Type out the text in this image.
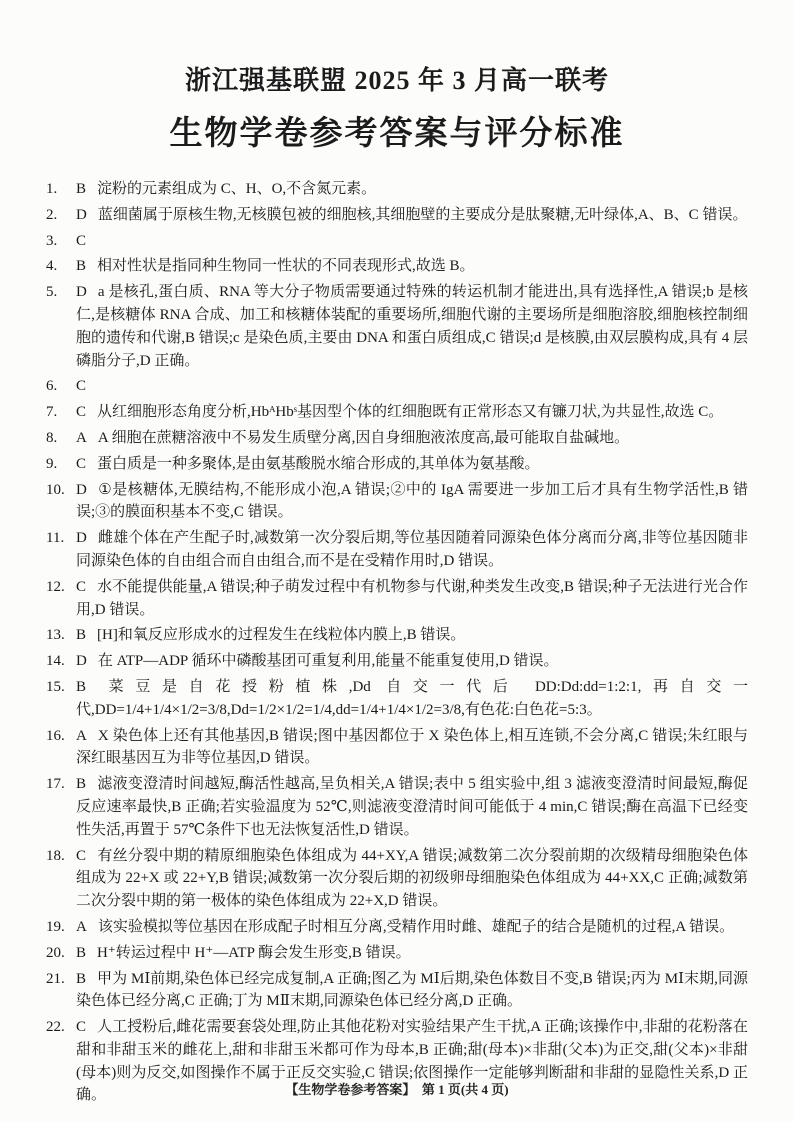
浙江强基联盟 2025 年 3 月高一联考
生物学卷参考答案与评分标准
1. B 淀粉的元素组成为 C、H、O,不含氮元素。
2. D 蓝细菌属于原核生物,无核膜包被的细胞核,其细胞壁的主要成分是肽聚糖,无叶绿体,A、B、C 错误。
3. C
4. B 相对性状是指同种生物同一性状的不同表现形式,故选 B。
5. D a 是核孔,蛋白质、RNA 等大分子物质需要通过特殊的转运机制才能进出,具有选择性,A 错误;b 是核仁,是核糖体 RNA 合成、加工和核糖体装配的重要场所,细胞代谢的主要场所是细胞溶胶,细胞核控制细胞的遗传和代谢,B 错误;c 是染色质,主要由 DNA 和蛋白质组成,C 错误;d 是核膜,由双层膜构成,具有 4 层磷脂分子,D 正确。
6. C
7. C 从红细胞形态角度分析,HbᴬHbˢ基因型个体的红细胞既有正常形态又有镰刀状,为共显性,故选 C。
8. A A 细胞在蔗糖溶液中不易发生质壁分离,因自身细胞液浓度高,最可能取自盐碱地。
9. C 蛋白质是一种多聚体,是由氨基酸脱水缩合形成的,其单体为氨基酸。
10. D ①是核糖体,无膜结构,不能形成小泡,A 错误;②中的 IgA 需要进一步加工后才具有生物学活性,B 错误;③的膜面积基本不变,C 错误。
11. D 雌雄个体在产生配子时,减数第一次分裂后期,等位基因随着同源染色体分离而分离,非等位基因随非同源染色体的自由组合而自由组合,而不是在受精作用时,D 错误。
12. C 水不能提供能量,A 错误;种子萌发过程中有机物参与代谢,种类发生改变,B 错误;种子无法进行光合作用,D 错误。
13. B [H]和氧反应形成水的过程发生在线粒体内膜上,B 错误。
14. D 在 ATP—ADP 循环中磷酸基团可重复利用,能量不能重复使用,D 错误。
15. B 菜豆是自花授粉植株,Dd 自交一代后 DD:Dd:dd=1:2:1,再自交一代,DD=1/4+1/4×1/2=3/8,Dd=1/2×1/2=1/4,dd=1/4+1/4×1/2=3/8,有色花:白色花=5:3。
16. A X 染色体上还有其他基因,B 错误;图中基因都位于 X 染色体上,相互连锁,不会分离,C 错误;朱红眼与深红眼基因互为非等位基因,D 错误。
17. B 滤液变澄清时间越短,酶活性越高,呈负相关,A 错误;表中 5 组实验中,组 3 滤液变澄清时间最短,酶促反应速率最快,B 正确;若实验温度为 52℃,则滤液变澄清时间可能低于 4 min,C 错误;酶在高温下已经变性失活,再置于 57℃条件下也无法恢复活性,D 错误。
18. C 有丝分裂中期的精原细胞染色体组成为 44+XY,A 错误;减数第二次分裂前期的次级精母细胞染色体组成为 22+X 或 22+Y,B 错误;减数第一次分裂后期的初级卵母细胞染色体组成为 44+XX,C 正确;减数第二次分裂中期的第一极体的染色体组成为 22+X,D 错误。
19. A 该实验模拟等位基因在形成配子时相互分离,受精作用时雌、雄配子的结合是随机的过程,A 错误。
20. B H⁺转运过程中 H⁺—ATP 酶会发生形变,B 错误。
21. B 甲为 MⅠ前期,染色体已经完成复制,A 正确;图乙为 MⅠ后期,染色体数目不变,B 错误;丙为 MⅠ末期,同源染色体已经分离,C 正确;丁为 MⅡ末期,同源染色体已经分离,D 正确。
22. C 人工授粉后,雌花需要套袋处理,防止其他花粉对实验结果产生干扰,A 正确;该操作中,非甜的花粉落在甜和非甜玉米的雌花上,甜和非甜玉米都可作为母本,B 正确;甜(母本)×非甜(父本)为正交,甜(父本)×非甜(母本)则为反交,如图操作不属于正反交实验,C 错误;依图操作一定能够判断甜和非甜的显隐性关系,D 正确。	【生物学卷参考答案】　第 1 页(共 4 页)
